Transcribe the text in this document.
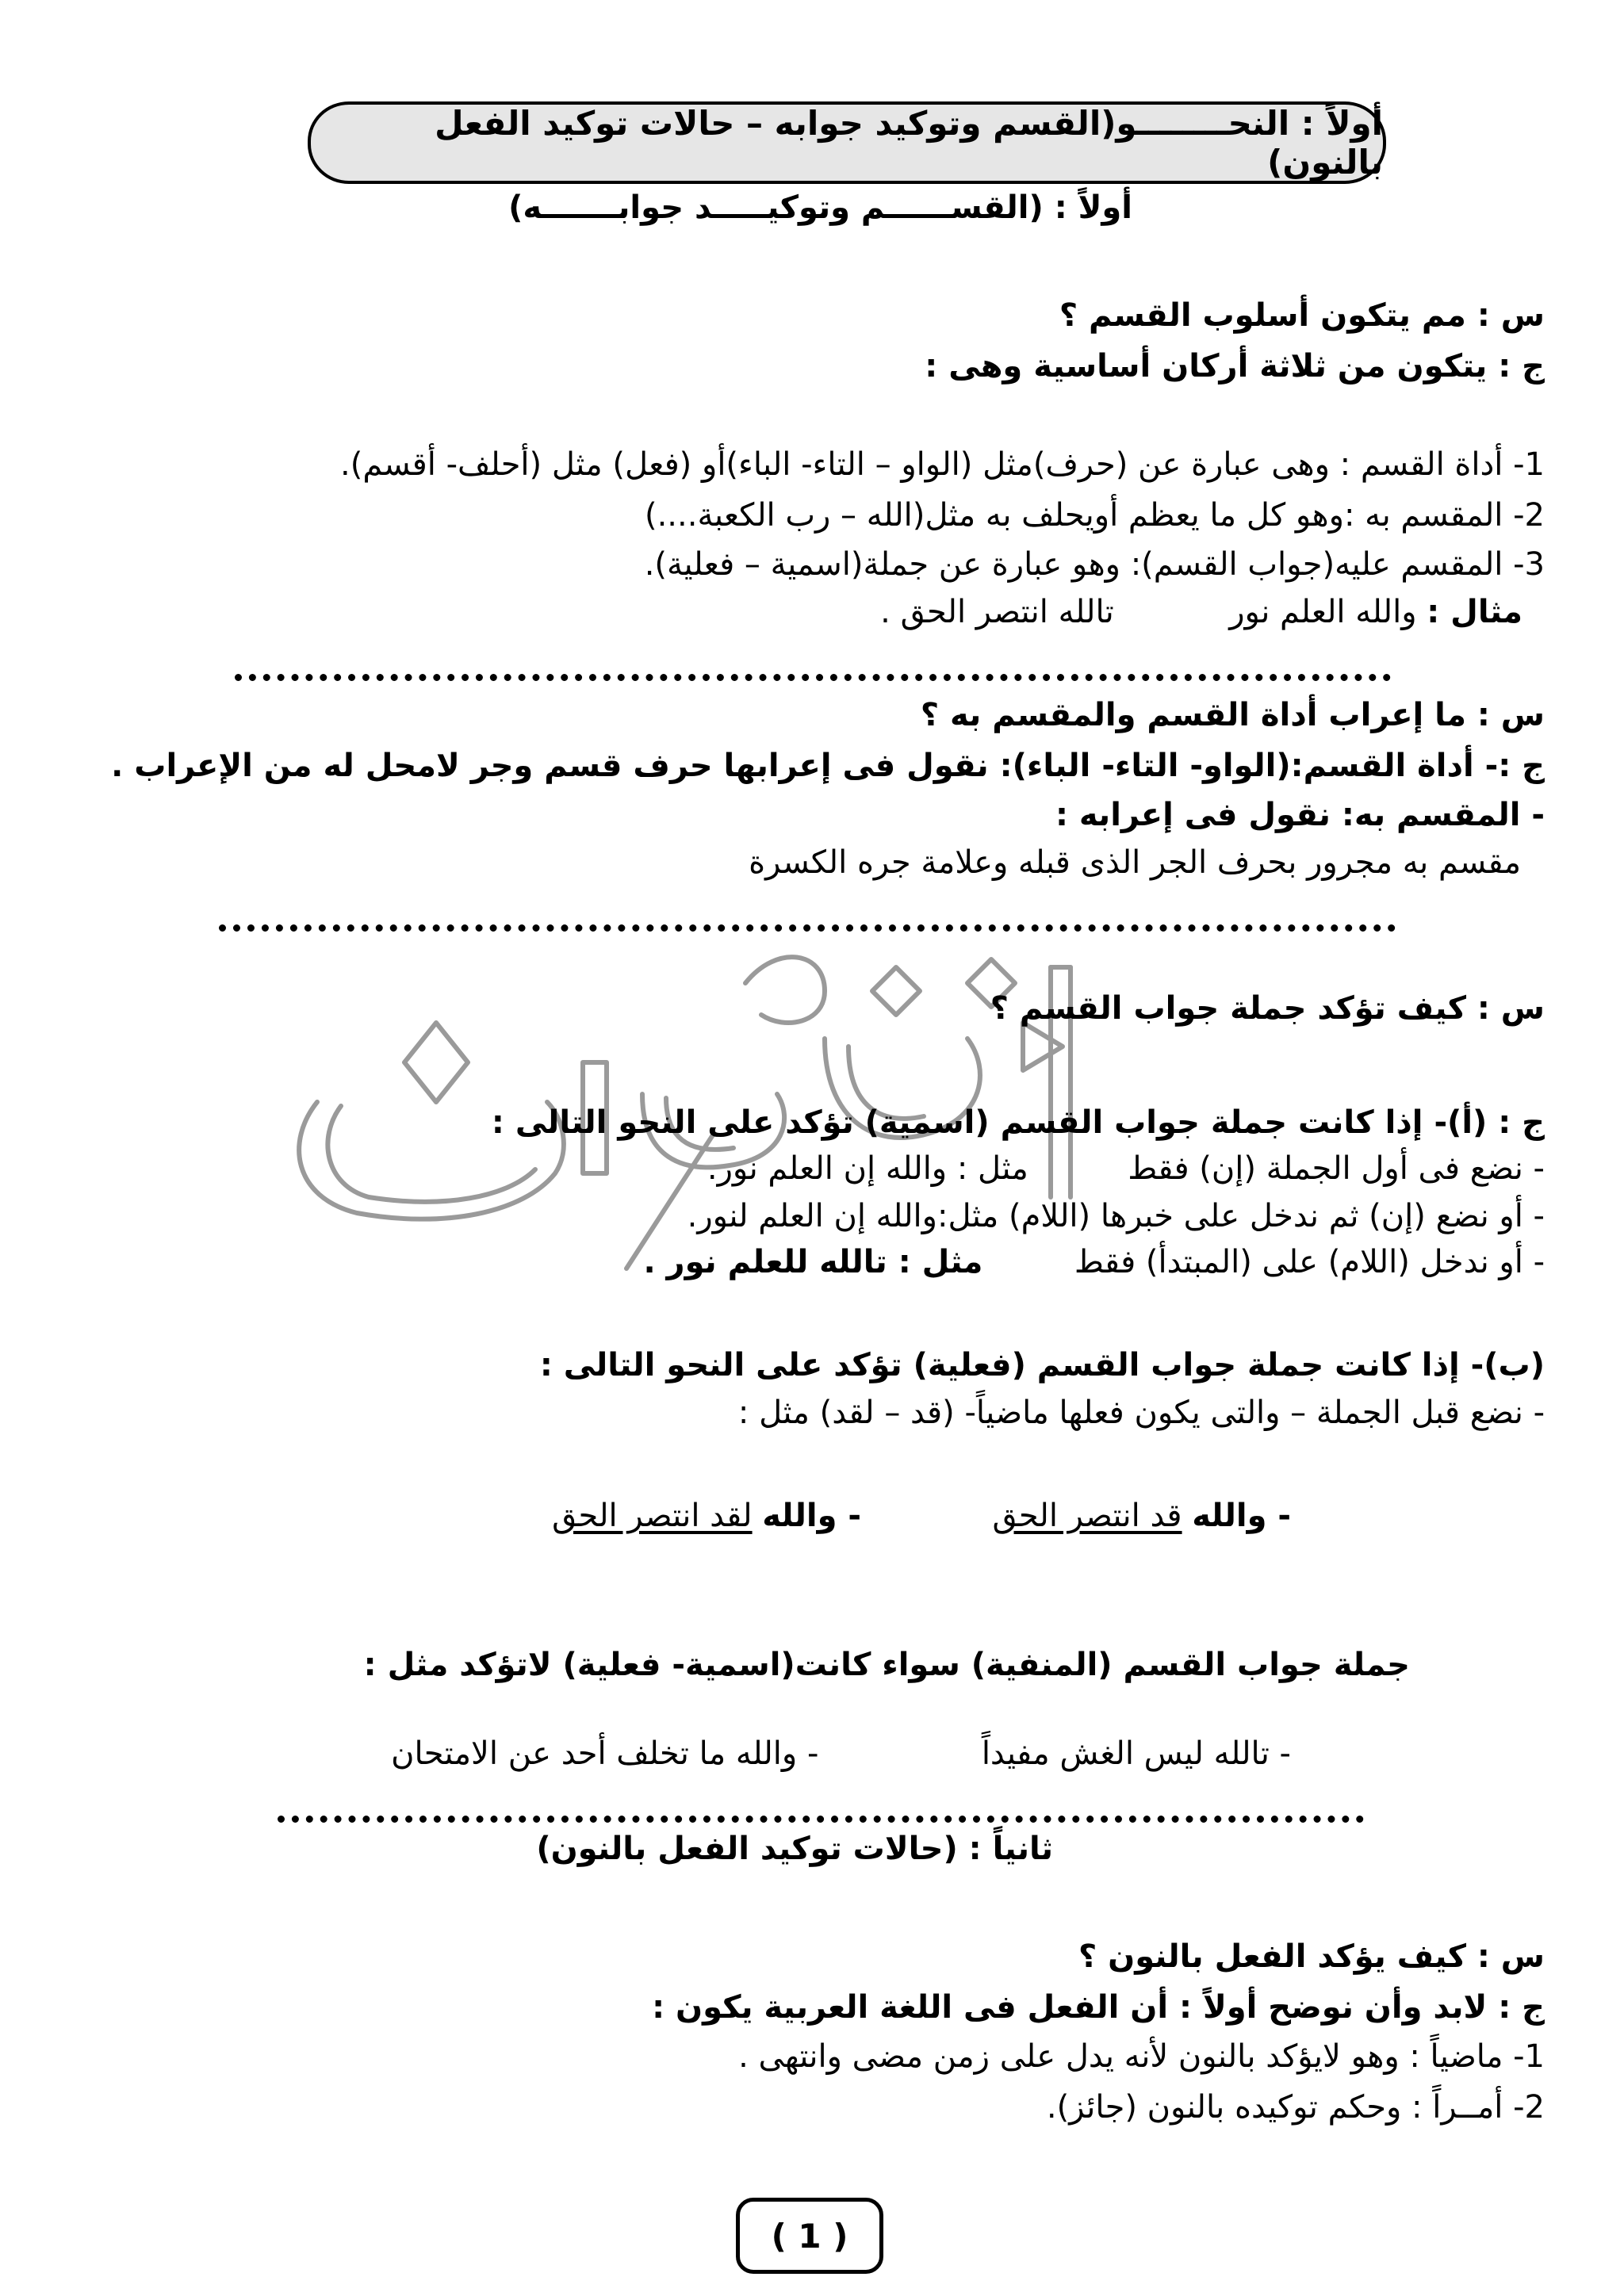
أولاً : النحــــــــو(القسم وتوكيد جوابه – حالات توكيد الفعل بالنون)
أولاً : (القســــــم وتوكيـــــد جوابـــــــه)
س : مم يتكون أسلوب القسم ؟
ج : يتكون من ثلاثة أركان أساسية وهى :
1- أداة القسم : وهى عبارة عن (حرف)مثل (الواو – التاء- الباء)أو (فعل) مثل (أحلف- أقسم).
2- المقسم به :وهو كل ما يعظم أويحلف به مثل(الله – رب الكعبة....)
3- المقسم عليه(جواب القسم): وهو عبارة عن جملة(اسمية – فعلية).
مثال : والله العلم نور  تالله انتصر الحق .
س : ما إعراب أداة القسم والمقسم به ؟
ج :- أداة القسم:(الواو- التاء- الباء): نقول فى إعرابها حرف قسم وجر لامحل له من الإعراب .
- المقسم به: نقول فى إعرابه :
مقسم به مجرور بحرف الجر الذى قبله وعلامة جره الكسرة
س : كيف تؤكد جملة جواب القسم ؟
ج : (أ)- إذا كانت جملة جواب القسم (اسمية) تؤكد على النحو التالى :
- نضع فى أول الجملة (إن) فقط  مثل : والله إن العلم نور.
- أو نضع (إن) ثم ندخل على خبرها (اللام) مثل:والله إن العلم لنور.
- أو ندخل (اللام) على (المبتدأ) فقط  مثل : تالله للعلم نور .
(ب)- إذا كانت جملة جواب القسم (فعلية) تؤكد على النحو التالى :
- نضع قبل الجملة – والتى يكون فعلها ماضياً- (قد – لقد) مثل :
- والله قد انتصر الحق  - والله لقد انتصر الحق
جملة جواب القسم (المنفية) سواء كانت(اسمية- فعلية) لاتؤكد مثل :
- تالله ليس الغش مفيداً  - والله ما تخلف أحد عن الامتحان
ثانياً : (حالات توكيد الفعل بالنون)
س : كيف يؤكد الفعل بالنون ؟
ج : لابد وأن نوضح أولاً : أن الفعل فى اللغة العربية يكون :
1- ماضياً : وهو لايؤكد بالنون لأنه يدل على زمن مضى وانتهى .
2- أمــراً : وحكم توكيده بالنون (جائز).
( 1 )
